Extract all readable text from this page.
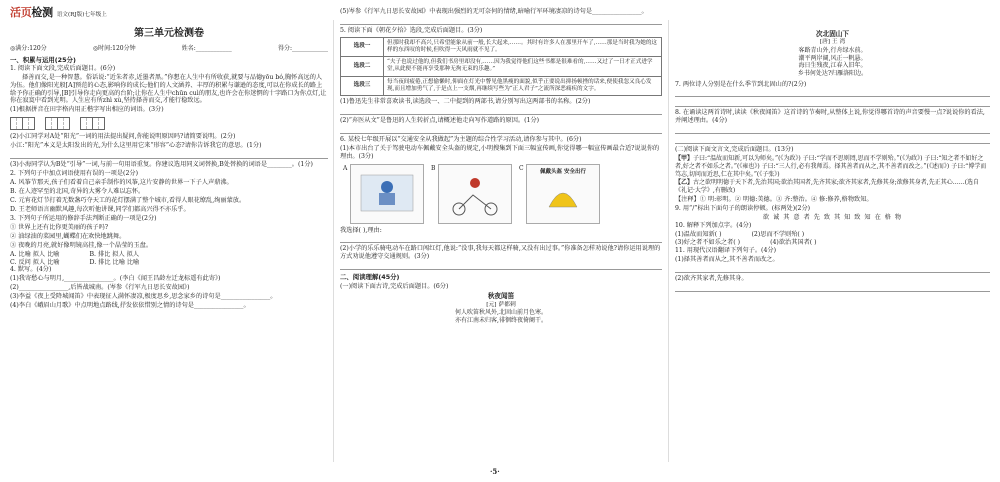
活页检测 语文(RJ版)七年级上
第三单元检测卷
◎满分:120分	◎时间:120分钟	姓名:____________	得分:____________
一、积累与运用(25分)

1. 阅读下面文段,完成后面题目。(6分)

择善而交,是一种智慧。俗话说:“近朱者赤,近墨者黑。”你想在人生中有所收获,就要与品德yōu bó,胸怀高远的人为伍。他们像阳光般[A]预范的心态,影响你的成长;他们的人文涵养、丰厚的积累与谦逊的态度,可以在你成长的路上给予你正确的引导,[B]引导你走向更高的台阶;让你在人生中chūn cuì的朋友,也许会在你迷惘的十字路口为你点灯,让你在寂寞中看到光明。人生应有所zhì xù,坚持择善而交,才能行稳致远。

(1)根据拼音在田字格内用正楷字写出相应的词语。(3分)

(2)小江同学对A处“阳光”一词的用法提出疑问,你能说明原因吗?请简要说明。(2分)

小江:“阳光”本义是太阳发出的光,为什么这里用它来“形容”心态?请你告诉我它的意思。(1分)

(3)小海同学认为B处“引导”一词,与前一句用语重复。你建议选用同义词替换,B处替换的词语是________。(1分)

2. 下列句子中加点词语使用有误的一项是(2分)

A. 风筝节那天,孩子们看着自己亲手制作的风筝,这片安静的世界一下子人声鼎沸。

B. 在人迹罕至的北国,奇异的大雾令人难以忘怀。

C. 元宵花灯节打着无数盏巧夺天工的花灯摆满了整个城市,看得人眼花缭乱,绚丽蒙放。

D. 王老师语言幽默风趣,每次听他讲课,同学们都高兴得不亦乐乎。

3. 下列句子所运用的修辞手法判断正确的一项是(2分)

① 世界上还有比你更美丽的孩子吗?

② 油绿油的菜园里,蝴蝶们在欢快地跳舞。

③ 夜晚的月亮,就好像明镜高挂,像一个晶莹的玉盘。

A. 比喻 拟人 比喻	B. 排比 拟人 拟人
C. 反问 拟人 比喻	D. 排比 比喻 比喻

4. 默写。(4分)

(1)我寄愁心与明月,________________。(李白《闻王昌龄左迁龙标遥有此寄》)

(2)________________,后皆战城南。(岑参《行军九日思长安故园》)

(3)李益《夜上受降城闻笛》中表现征人满怀凄凉,极度思乡,思念家乡的诗句是________________。

(4)李白《峨眉山月歌》中点明地点路线,抒发依依惜别之情的诗句是________________。

(5)岑参《行军九日思长安故园》中表现出强烈的无可奈何的情绪,暗喻行军环境凄凉的诗句是________________。

5. 阅读下面《朝花夕拾》选段,完成后面题目。(3分)

选段一	但那时我却不高兴,只希望能象从前一般,长大起来,……。其时有许多人在那里开车了,……那是当时我为她的这样的东西叹的时候,但吹得一天风雨就不见了。
选段二	“夫子也说过他的,但我们书房里却没有,……因为我觉得他们这些书都是很难看的,……又过了一日才正式进学堂,从此便不能再享受那种无拘无束的乐趣。”
选段三	每当夜间疲倦,正想偷懒时,仰面在灯光中瞥见他黑瘦的面貌,似乎正要说出抑扬顿挫的话来,便使我忽又良心发现,而且增加勇气了,于是点上一支烟,再继续写些为“正人君子”之流所深恶痛疾的文字。

(1)鲁迅先生非常喜欢读书,读选段一、二中提到的两部书,请分别写出这两部书的名称。(2分)

(2)“弃医从文”是鲁迅的人生转折点,请概述他走向写作道路的原因。(1分)

6. 某校七年级开展以“交通安全从我做起”为主题的综合性学习活动,请你参与其中。(6分)

(1)本市出台了关于驾驶电动车佩戴安全头盔的规定,小明搜集到下面三幅宣传画,你觉得哪一幅宣传画最合适?说说你的理由。(3分)

A	B	C	佩戴头盔 安全出行

我选择( ),理由:

(2)小学的乐乐骑电动车在路口闯红灯,他说:“没事,我每天都这样骑,又没有出过事。”你准备怎样劝说他?请你运用说理的方式劝说他遵守交通规则。(3分)

二、阅读理解(45分)

(一)阅读下面古诗,完成后面题目。(6分)

秋夜闻笛
[元] 萨都剌
何人吹笛秋风外,北固山前月色寒。
亦有江南未归客,徘徊终夜倚阑干。
次北固山下
[唐] 王 湾
客路青山外,行舟绿水前。
潮平两岸阔,风正一帆悬。
海日生残夜,江春入旧年。
乡书何处达?归雁洛阳边。

7. 两位诗人分别是在什么季节到北固山的?(2分)

8. 在诵读这两首诗时,读读《秋夜闻笛》这首诗的节奏时,从整体上说,你觉得哪首诗的声音要慢一点?说说你的看法,并阐述理由。(4分)

(二)阅读下面文言文,完成后面题目。(13分)

【甲】子曰:“温故而知新,可以为师矣。”(《为政》) 子曰:“学而不思则罔,思而不学则殆。”(《为政》) 子曰:“知之者不如好之者,好之者不如乐之者。”(《雍也》) 子曰:“三人行,必有我师焉。择其善者而从之,其不善者而改之。”(《述而》) 子曰:“博学而笃志,切问而近思,仁在其中矣。”(《子张》)

【乙】古之欲明明德于天下者,先治其国;欲治其国者,先齐其家;欲齐其家者,先修其身;欲修其身者,先正其心……(选自《礼记·大学》,有删改)

【注释】① 明:彰明。② 明德:美德。③ 齐:整治。④ 修:修养,格物致知。

9. 用“/”标出下面句子的朗读停顿。(标两处)(2分)

欲 诚 其 意 者 先 致 其 知 致 知 在 格 物

10. 解释下列加点字。(4分)

(1)温故而知新( )	(2)思而不学则殆( )
(3)好之者不如乐之者( )	(4)欲治其国者( )

11. 用现代汉语翻译下列句子。(4分)

(1)择其善者而从之,其不善者而改之。

(2)欲齐其家者,先修其身。

·5·
